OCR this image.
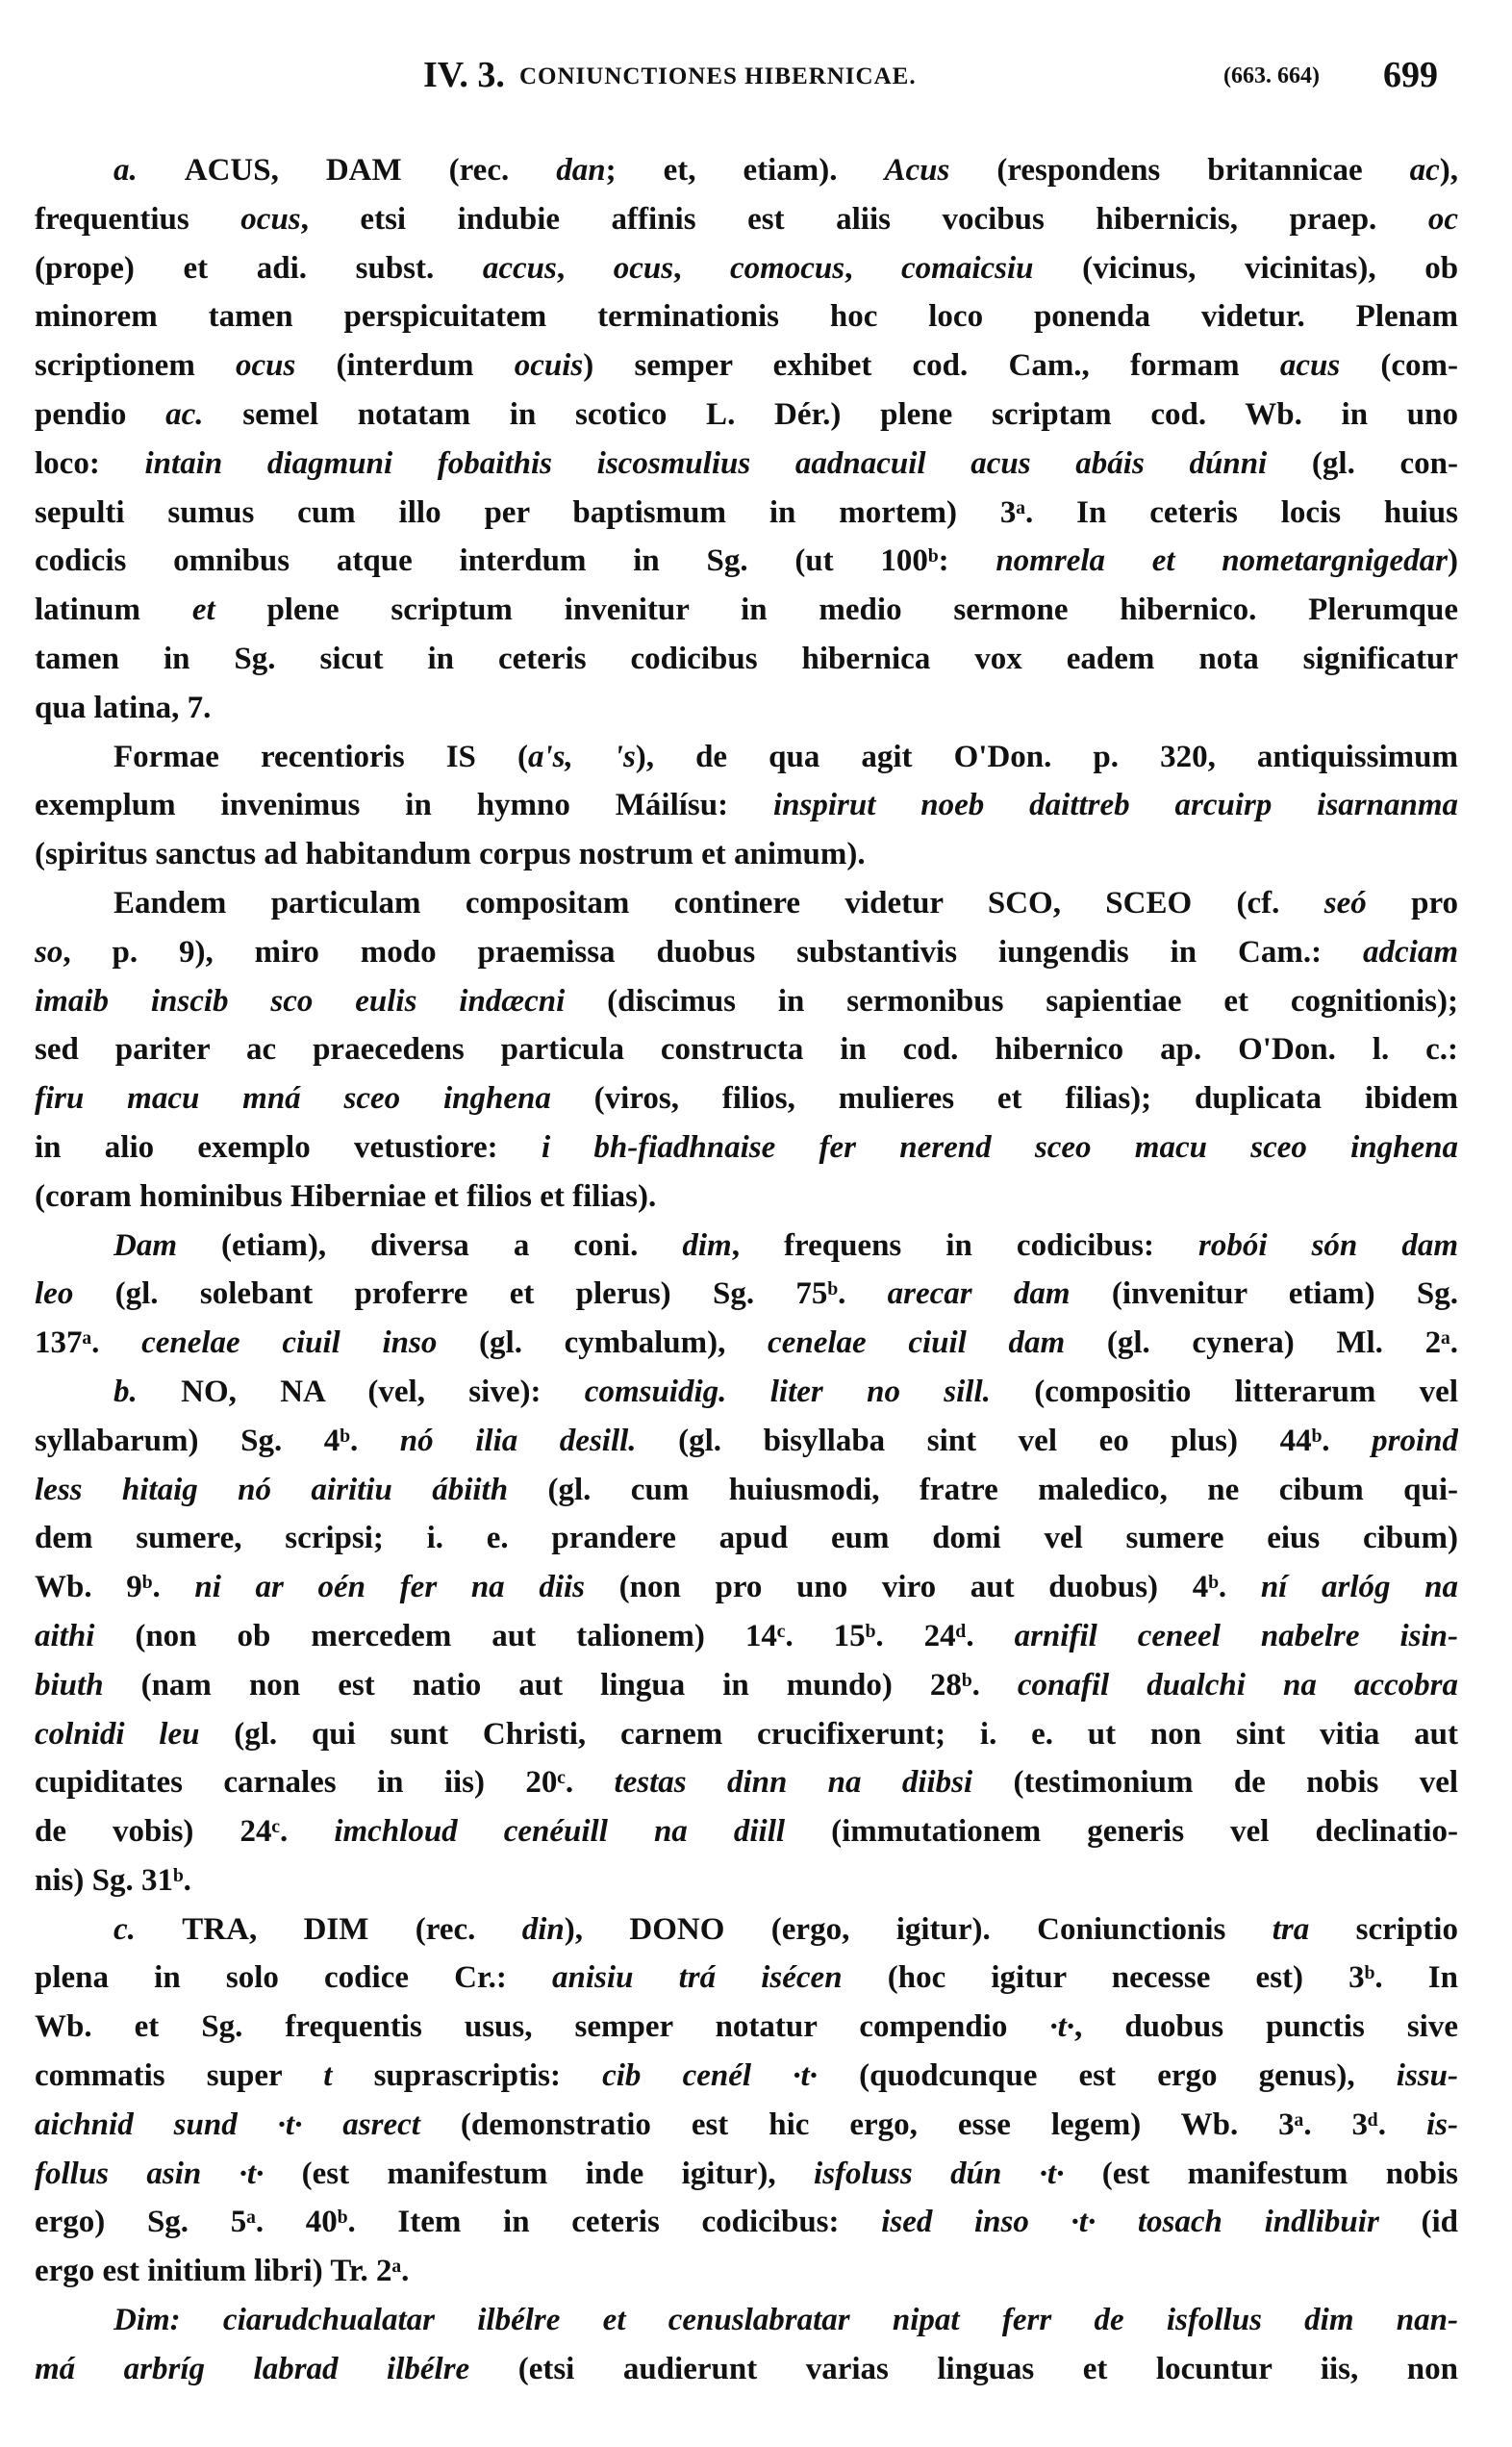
IV. 3. CONIUNCTIONES HIBERNICAE.	(663. 664) 699
a. ACUS, DAM (rec. dan; et, etiam). Acus (respondens britannicae ac),
frequentius ocus, etsi indubie affinis est aliis vocibus hibernicis, praep. oc
(prope) et adi. subst. accus, ocus, comocus, comaicsiu (vicinus, vicinitas), ob
minorem tamen perspicuitatem terminationis hoc loco ponenda videtur. Plenam
scriptionem ocus (interdum ocuis) semper exhibet cod. Cam., formam acus (com-
pendio ac. semel notatam in scotico L. Dér.) plene scriptam cod. Wb. in uno
loco: intain diagmuni fobaithis iscosmulius aadnacuil acus abáis dúnni (gl. con-
sepulti sumus cum illo per baptismum in mortem) 3ᵃ. In ceteris locis huius
codicis omnibus atque interdum in Sg. (ut 100ᵇ: nomrela et nometargnigedar)
latinum et plene scriptum invenitur in medio sermone hibernico. Plerumque
tamen in Sg. sicut in ceteris codicibus hibernica vox eadem nota significatur
qua latina, 7.
Formae recentioris IS (a's, 's), de qua agit O'Don. p. 320, antiquissimum
exemplum invenimus in hymno Máilísu: inspirut noeb daittreb arcuirp isarnanma
(spiritus sanctus ad habitandum corpus nostrum et animum).
Eandem particulam compositam continere videtur SCO, SCEO (cf. seó pro
so, p. 9), miro modo praemissa duobus substantivis iungendis in Cam.: adciam
imaib inscib sco eulis indæcni (discimus in sermonibus sapientiae et cognitionis);
sed pariter ac praecedens particula constructa in cod. hibernico ap. O'Don. l. c.:
firu macu mná sceo inghena (viros, filios, mulieres et filias); duplicata ibidem
in alio exemplo vetustiore: i bh-fiadhnaise fer nerend sceo macu sceo inghena
(coram hominibus Hiberniae et filios et filias).
Dam (etiam), diversa a coni. dim, frequens in codicibus: robói són dam
leo (gl. solebant proferre et plerus) Sg. 75ᵇ. arecar dam (invenitur etiam) Sg.
137ᵃ. cenelae ciuil inso (gl. cymbalum), cenelae ciuil dam (gl. cynera) Ml. 2ᵃ.
b. NO, NA (vel, sive): comsuidig. liter no sill. (compositio litterarum vel
syllabarum) Sg. 4ᵇ. nó ilia desill. (gl. bisyllaba sint vel eo plus) 44ᵇ. proind
less hitaig nó airitiu ábiith (gl. cum huiusmodi, fratre maledico, ne cibum qui-
dem sumere, scripsi; i. e. prandere apud eum domi vel sumere eius cibum)
Wb. 9ᵇ. ni ar oén fer na diis (non pro uno viro aut duobus) 4ᵇ. ní arlóg na
aithi (non ob mercedem aut talionem) 14ᶜ. 15ᵇ. 24ᵈ. arnifil ceneel nabelre isin-
biuth (nam non est natio aut lingua in mundo) 28ᵇ. conafil dualchi na accobra
colnidi leu (gl. qui sunt Christi, carnem crucifixerunt; i. e. ut non sint vitia aut
cupiditates carnales in iis) 20ᶜ. testas dinn na diibsi (testimonium de nobis vel
de vobis) 24ᶜ. imchloud cenéuill na diill (immutationem generis vel declinatio-
nis) Sg. 31ᵇ.
c. TRA, DIM (rec. din), DONO (ergo, igitur). Coniunctionis tra scriptio
plena in solo codice Cr.: anisiu trá isécen (hoc igitur necesse est) 3ᵇ. In
Wb. et Sg. frequentis usus, semper notatur compendio ·t·, duobus punctis sive
commatis super t suprascriptis: cib cenél ·t· (quodcunque est ergo genus), issu-
aichnid sund ·t· asrect (demonstratio est hic ergo, esse legem) Wb. 3ᵃ. 3ᵈ. is-
follus asin ·t· (est manifestum inde igitur), isfoluss dún ·t· (est manifestum nobis
ergo) Sg. 5ᵃ. 40ᵇ. Item in ceteris codicibus: ised inso ·t· tosach indlibuir (id
ergo est initium libri) Tr. 2ᵃ.
Dim: ciarudchualatar ilbélre et cenuslabratar nipat ferr de isfollus dim nan-
má arbríg labrad ilbélre (etsi audierunt varias linguas et locuntur iis, non
